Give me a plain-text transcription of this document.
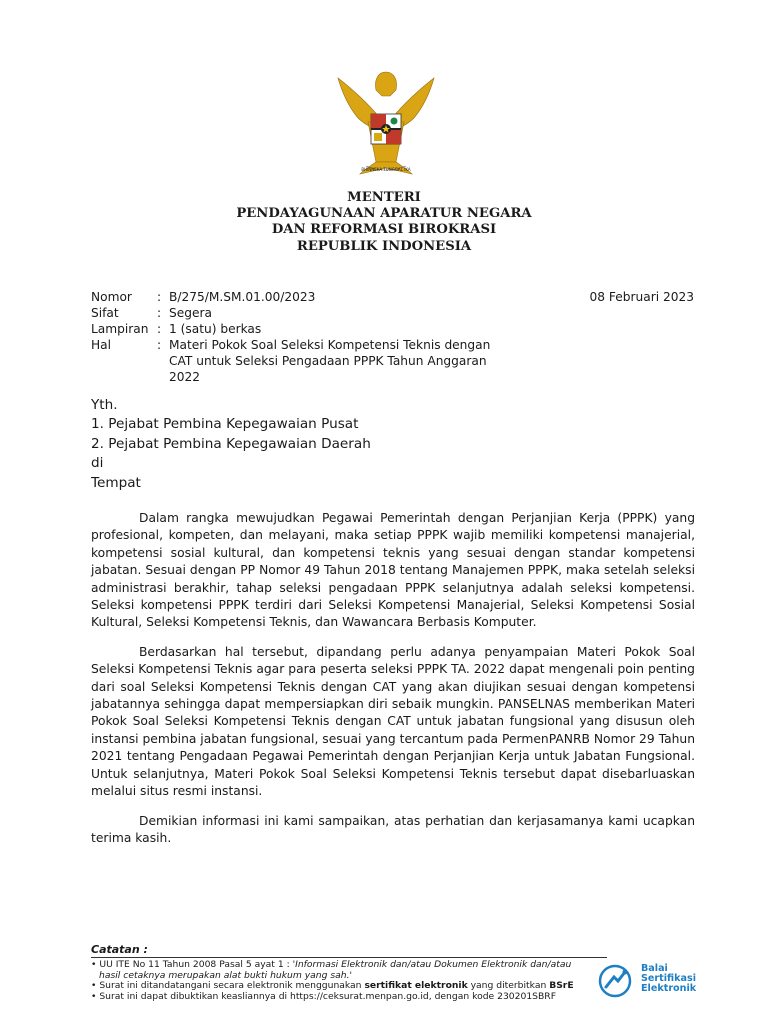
BHINNEKA TUNGGAL IKA
MENTERI
PENDAYAGUNAAN APARATUR NEGARA
DAN REFORMASI BIROKRASI
REPUBLIK INDONESIA
Nomor	: B/275/M.SM.01.00/2023
Sifat	: Segera
Lampiran : 1 (satu) berkas
Hal	: Materi Pokok Soal Seleksi Kompetensi Teknis dengan CAT untuk Seleksi Pengadaan PPPK Tahun Anggaran 2022
08 Februari 2023
Yth.
1. Pejabat Pembina Kepegawaian Pusat
2. Pejabat Pembina Kepegawaian Daerah
di
Tempat

Dalam rangka mewujudkan Pegawai Pemerintah dengan Perjanjian Kerja (PPPK) yang profesional, kompeten, dan melayani, maka setiap PPPK wajib memiliki kompetensi manajerial, kompetensi sosial kultural, dan kompetensi teknis yang sesuai dengan standar kompetensi jabatan. Sesuai dengan PP Nomor 49 Tahun 2018 tentang Manajemen PPPK, maka setelah seleksi administrasi berakhir, tahap seleksi pengadaan PPPK selanjutnya adalah seleksi kompetensi. Seleksi kompetensi PPPK terdiri dari Seleksi Kompetensi Manajerial, Seleksi Kompetensi Sosial Kultural, Seleksi Kompetensi Teknis, dan Wawancara Berbasis Komputer.

Berdasarkan hal tersebut, dipandang perlu adanya penyampaian Materi Pokok Soal Seleksi Kompetensi Teknis agar para peserta seleksi PPPK TA. 2022 dapat mengenali poin penting dari soal Seleksi Kompetensi Teknis dengan CAT yang akan diujikan sesuai dengan kompetensi jabatannya sehingga dapat mempersiapkan diri sebaik mungkin. PANSELNAS memberikan Materi Pokok Soal Seleksi Kompetensi Teknis dengan CAT untuk jabatan fungsional yang disusun oleh instansi pembina jabatan fungsional, sesuai yang tercantum pada PermenPANRB Nomor 29 Tahun 2021 tentang Pengadaan Pegawai Pemerintah dengan Perjanjian Kerja untuk Jabatan Fungsional. Untuk selanjutnya, Materi Pokok Soal Seleksi Kompetensi Teknis tersebut dapat disebarluaskan melalui situs resmi instansi.

Demikian informasi ini kami sampaikan, atas perhatian dan kerjasamanya kami ucapkan terima kasih.

Catatan :
• UU ITE No 11 Tahun 2008 Pasal 5 ayat 1 : 'Informasi Elektronik dan/atau Dokumen Elektronik dan/atau
hasil cetaknya merupakan alat bukti hukum yang sah.'
• Surat ini ditandatangani secara elektronik menggunakan sertifikat elektronik yang diterbitkan BSrE
• Surat ini dapat dibuktikan keasliannya di https://ceksurat.menpan.go.id, dengan kode 230201SBRF
Balai
Sertifikasi
Elektronik
